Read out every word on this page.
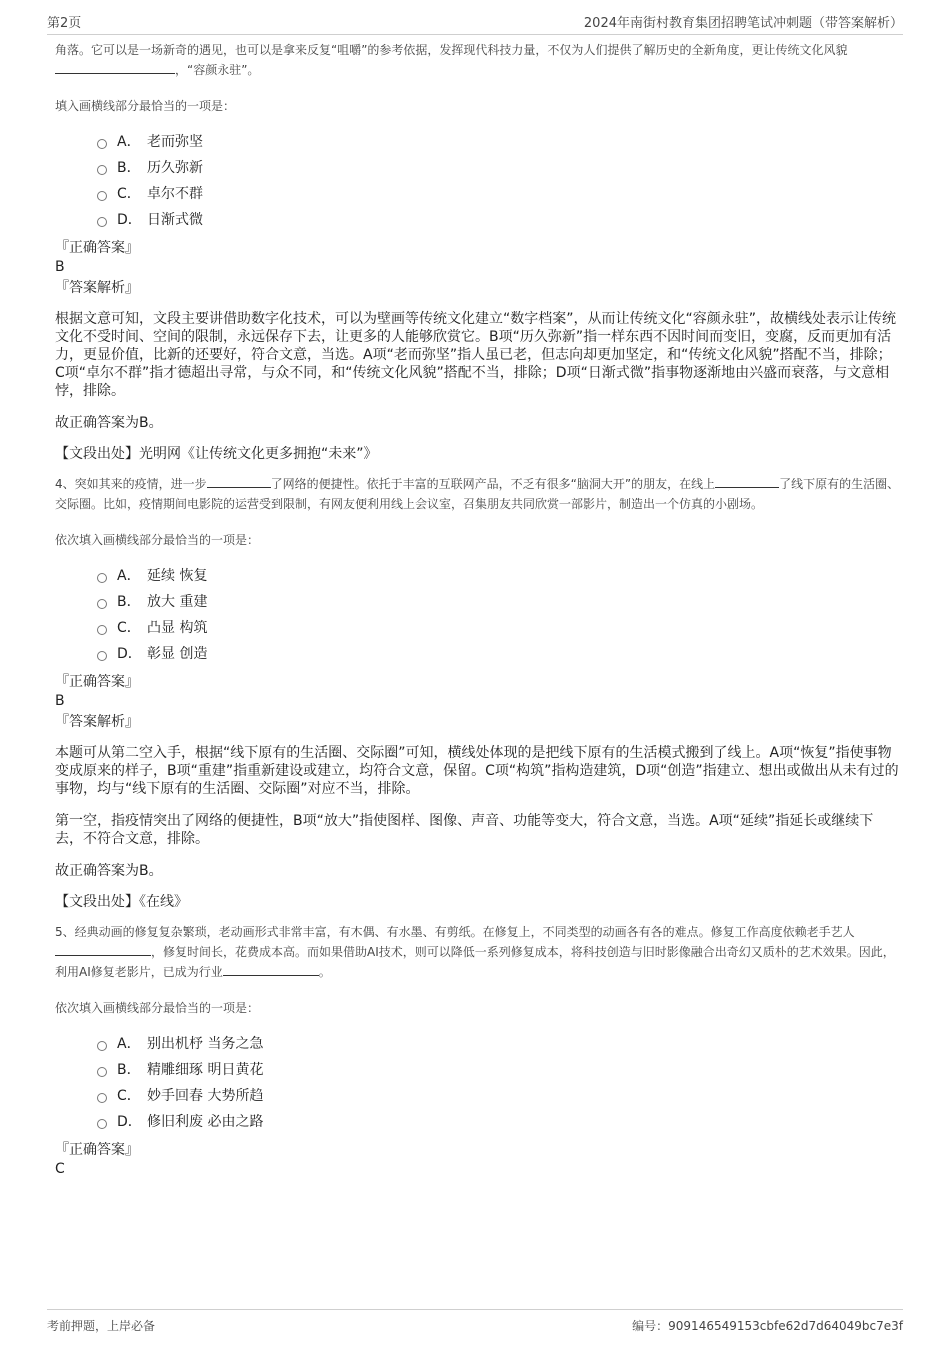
第2页	2024年南街村教育集团招聘笔试冲刺题（带答案解析）

角落。它可以是一场新奇的遇见，也可以是拿来反复“咀嚼”的参考依据，发挥现代科技力量，不仅为人们提供了解历史的全新角度，更让传统文化风貌，“容颜永驻”。

填入画横线部分最恰当的一项是：

A． 老而弥坚
B． 历久弥新
C． 卓尔不群
D． 日渐式微

『正确答案』

B

『答案解析』

根据文意可知，文段主要讲借助数字化技术，可以为壁画等传统文化建立“数字档案”，从而让传统文化“容颜永驻”，故横线处表示让传统文化不受时间、空间的限制，永远保存下去，让更多的人能够欣赏它。B项“历久弥新”指一样东西不因时间而变旧，变腐，反而更加有活力，更显价值，比新的还要好，符合文意，当选。A项“老而弥坚”指人虽已老，但志向却更加坚定，和“传统文化风貌”搭配不当，排除；C项“卓尔不群”指才德超出寻常，与众不同，和“传统文化风貌”搭配不当，排除；D项“日渐式微”指事物逐渐地由兴盛而衰落，与文意相悖，排除。

故正确答案为B。

【文段出处】光明网《让传统文化更多拥抱“未来”》

4、突如其来的疫情，进一步	了网络的便捷性。依托于丰富的互联网产品，不乏有很多“脑洞大开”的朋友，在线上	了线下原有的生活圈、交际圈。比如，疫情期间电影院的运营受到限制，有网友便利用线上会议室，召集朋友共同欣赏一部影片，制造出一个仿真的小剧场。

依次填入画横线部分最恰当的一项是：

A． 延续 恢复
B． 放大 重建
C． 凸显 构筑
D． 彰显 创造

『正确答案』

B

『答案解析』

本题可从第二空入手，根据“线下原有的生活圈、交际圈”可知，横线处体现的是把线下原有的生活模式搬到了线上。A项“恢复”指使事物变成原来的样子，B项“重建”指重新建设或建立，均符合文意，保留。C项“构筑”指构造建筑，D项“创造”指建立、想出或做出从未有过的事物，均与“线下原有的生活圈、交际圈”对应不当，排除。

第一空，指疫情突出了网络的便捷性，B项“放大”指使图样、图像、声音、功能等变大，符合文意，当选。A项“延续”指延长或继续下去，不符合文意，排除。

故正确答案为B。

【文段出处】《在线》

5、经典动画的修复复杂繁琐，老动画形式非常丰富，有木偶、有水墨、有剪纸。在修复上，不同类型的动画各有各的难点。修复工作高度依赖老手艺人，修复时间长，花费成本高。而如果借助AI技术，则可以降低一系列修复成本，将科技创造与旧时影像融合出奇幻又质朴的艺术效果。因此，利用AI修复老影片，已成为行业	。

依次填入画横线部分最恰当的一项是：

A． 别出机杼 当务之急
B． 精雕细琢 明日黄花
C． 妙手回春 大势所趋
D． 修旧利废 必由之路

『正确答案』

C

考前押题，上岸必备	编号：909146549153cbfe62d7d64049bc7e3f
